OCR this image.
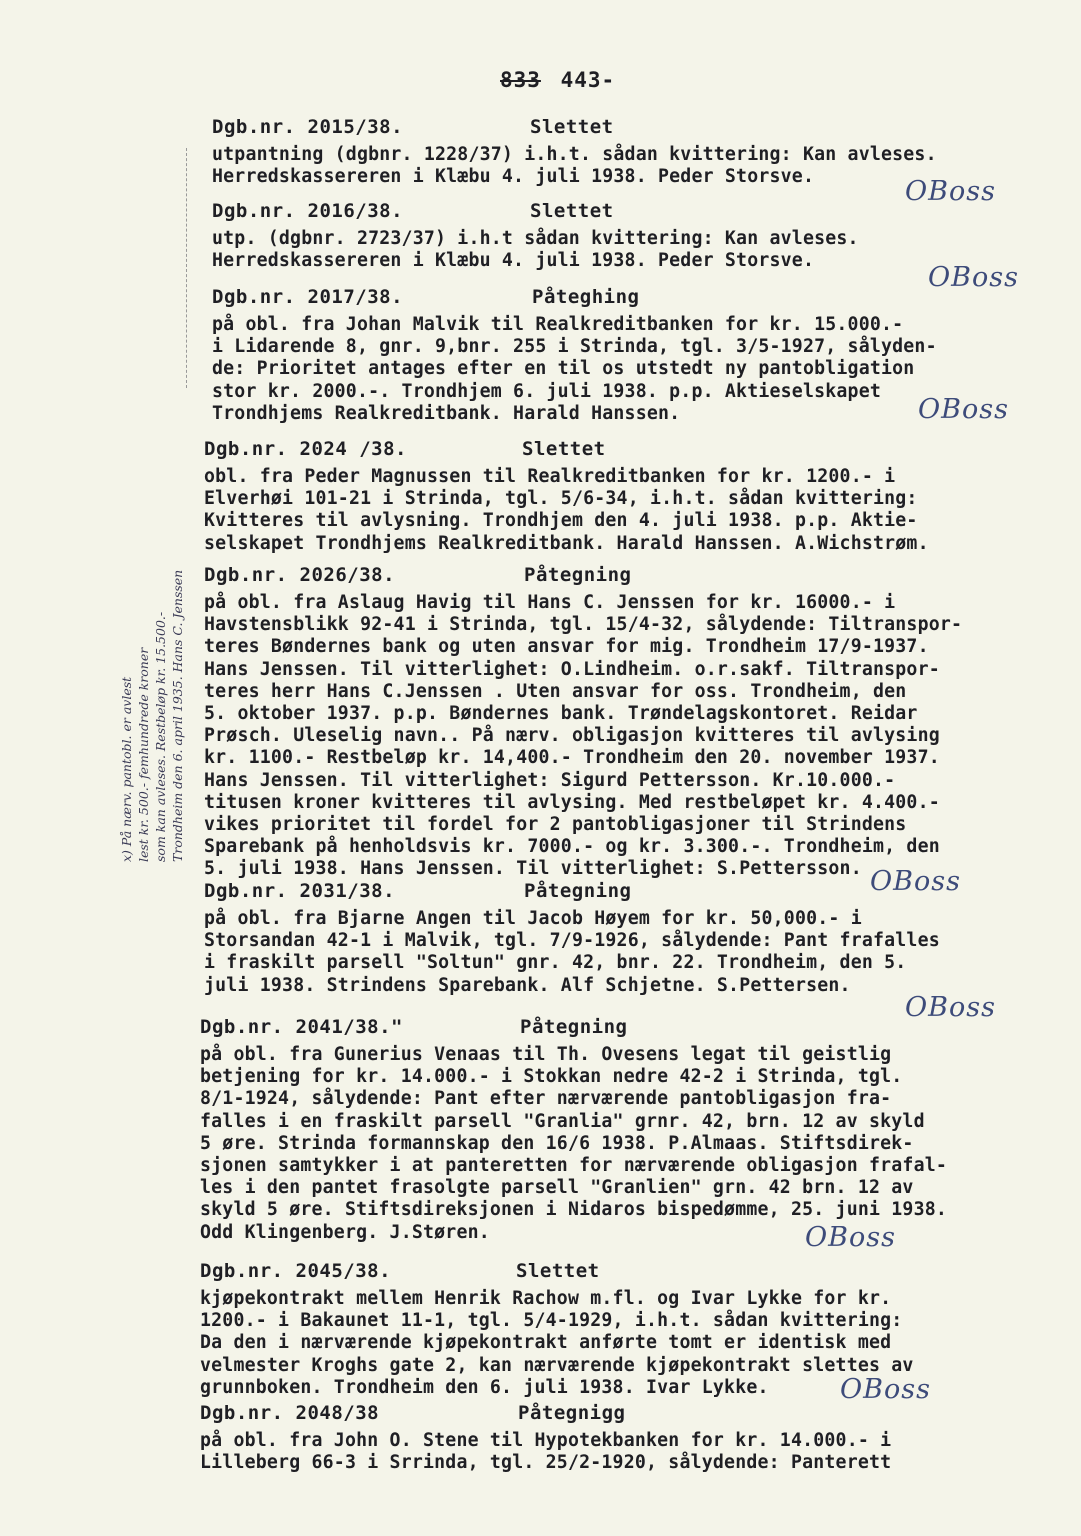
833 443-
x) På nærv. pantobl. er avlest lest kr. 500.- femhundrede kroner som kan avleses. Restbeløp kr. 15.500.- Trondheim den 6. april 1935. Hans C. Jenssen
Dgb.nr. 2015/38.	Slettet
utpantning (dgbnr. 1228/37) i.h.t. sådan kvittering: Kan avleses.
Herredskassereren i Klæbu 4. juli 1938. Peder Storsve.	OBoss
Dgb.nr. 2016/38.	Slettet
utp. (dgbnr. 2723/37) i.h.t sådan kvittering: Kan avleses.
Herredskassereren i Klæbu 4. juli 1938. Peder Storsve.
OBoss
Dgb.nr. 2017/38.	Påteghing
på obl. fra Johan Malvik til Realkreditbanken for kr. 15.000.-
i Lidarende 8, gnr. 9,bnr. 255 i Strinda, tgl. 3/5-1927, sålyden-
de: Prioritet antages efter en til os utstedt ny pantobligation
stor kr. 2000.-. Trondhjem 6. juli 1938. p.p. Aktieselskapet
Trondhjems Realkreditbank. Harald Hanssen.	OBoss
Dgb.nr. 2024 /38.	Slettet
obl. fra Peder Magnussen til Realkreditbanken for kr. 1200.- i
Elverhøi 101-21 i Strinda, tgl. 5/6-34, i.h.t. sådan kvittering:
Kvitteres til avlysning. Trondhjem den 4. juli 1938. p.p. Aktie-
selskapet Trondhjems Realkreditbank. Harald Hanssen. A.Wichstrøm.
Dgb.nr. 2026/38.	Påtegning
på obl. fra Aslaug Havig til Hans C. Jenssen for kr. 16000.- i
Havstensblikk 92-41 i Strinda, tgl. 15/4-32, sålydende: Tiltranspor-
teres Bøndernes bank og uten ansvar for mig. Trondheim 17/9-1937.
Hans Jenssen. Til vitterlighet: O.Lindheim. o.r.sakf. Tiltranspor-
teres herr Hans C.Jenssen . Uten ansvar for oss. Trondheim, den
5. oktober 1937. p.p. Bøndernes bank. Trøndelagskontoret. Reidar
Prøsch. Uleselig navn.. På nærv. obligasjon kvitteres til avlysing
kr. 1100.- Restbeløp kr. 14,400.- Trondheim den 20. november 1937.
Hans Jenssen. Til vitterlighet: Sigurd Pettersson. Kr.10.000.-
titusen kroner kvitteres til avlysing. Med restbeløpet kr. 4.400.-
vikes prioritet til fordel for 2 pantobligasjoner til Strindens
Sparebank på henholdsvis kr. 7000.- og kr. 3.300.-. Trondheim, den
5. juli 1938. Hans Jenssen. Til vitterlighet: S.Pettersson.
Dgb.nr. 2031/38.	Påtegning	OBoss
på obl. fra Bjarne Angen til Jacob Høyem for kr. 50,000.- i
Storsandan 42-1 i Malvik, tgl. 7/9-1926, sålydende: Pant frafalles
i fraskilt parsell "Soltun" gnr. 42, bnr. 22. Trondheim, den 5.
juli 1938. Strindens Sparebank. Alf Schjetne. S.Pettersen.
OBoss
Dgb.nr. 2041/38."	Påtegning
på obl. fra Gunerius Venaas til Th. Ovesens legat til geistlig
betjening for kr. 14.000.- i Stokkan nedre 42-2 i Strinda, tgl.
8/1-1924, sålydende: Pant efter nærværende pantobligasjon fra-
falles i en fraskilt parsell "Granlia" grnr. 42, brn. 12 av skyld
5 øre. Strinda formannskap den 16/6 1938. P.Almaas. Stiftsdirek-
sjonen samtykker i at panteretten for nærværende obligasjon frafal-
les i den pantet frasolgte parsell "Granlien" grn. 42 brn. 12 av
skyld 5 øre. Stiftsdireksjonen i Nidaros bispedømme, 25. juni 1938.
Odd Klingenberg. J.Støren.	OBoss
Dgb.nr. 2045/38.	Slettet
kjøpekontrakt mellem Henrik Rachow m.fl. og Ivar Lykke for kr.
1200.- i Bakaunet 11-1, tgl. 5/4-1929, i.h.t. sådan kvittering:
Da den i nærværende kjøpekontrakt anførte tomt er identisk med
velmester Kroghs gate 2, kan nærværende kjøpekontrakt slettes av
grunnboken. Trondheim den 6. juli 1938. Ivar Lykke.	OBoss
Dgb.nr. 2048/38	Påtegnigg
på obl. fra John O. Stene til Hypotekbanken for kr. 14.000.- i
Lilleberg 66-3 i Srrinda, tgl. 25/2-1920, sålydende: Panterett
